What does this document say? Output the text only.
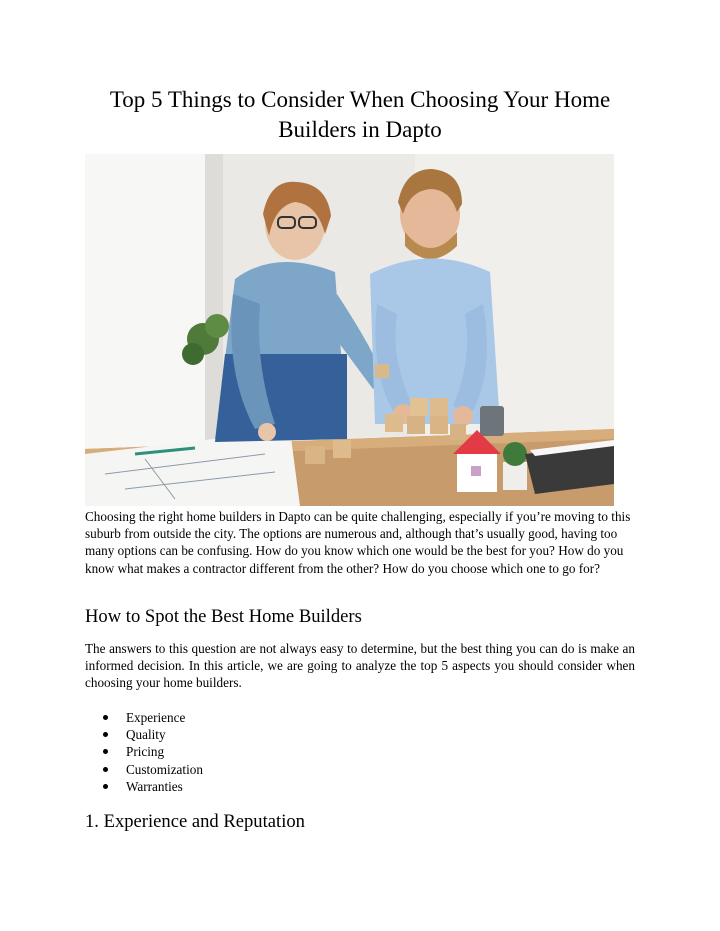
Top 5 Things to Consider When Choosing Your Home Builders in Dapto

Choosing the right home builders in Dapto can be quite challenging, especially if you’re moving to this suburb from outside the city. The options are numerous and, although that’s usually good, having too many options can be confusing. How do you know which one would be the best for you? How do you know what makes a contractor different from the other? How do you choose which one to go for?

How to Spot the Best Home Builders

The answers to this question are not always easy to determine, but the best thing you can do is make an informed decision. In this article, we are going to analyze the top 5 aspects you should consider when choosing your home builders.

Experience
Quality
Pricing
Customization
Warranties
1. Experience and Reputation
